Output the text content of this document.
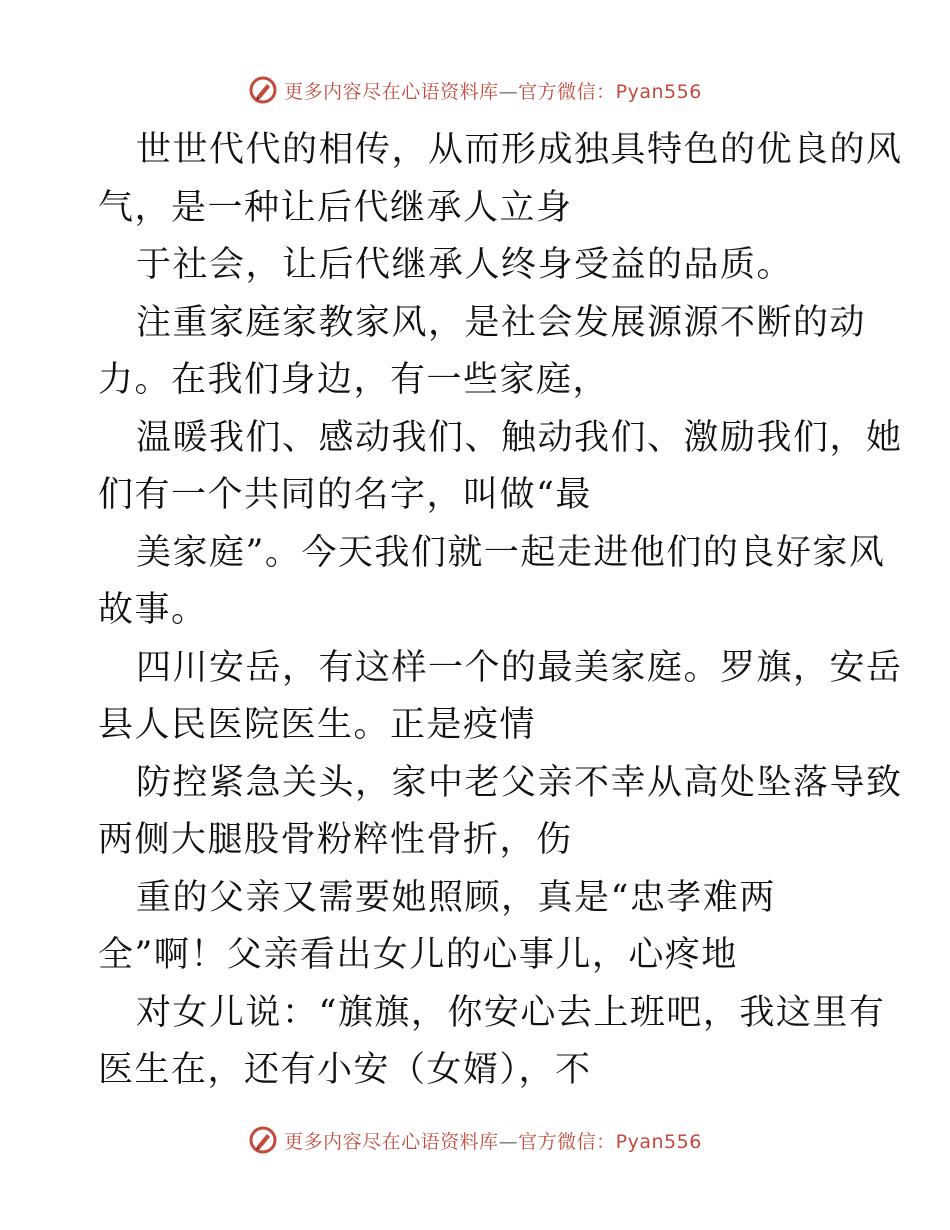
更多内容尽在心语资料库—官方微信：Pyan556
世世代代的相传，从而形成独具特色的优良的风
气，是一种让后代继承人立身
于社会，让后代继承人终身受益的品质。
注重家庭家教家风，是社会发展源源不断的动
力。在我们身边，有一些家庭，
温暖我们、感动我们、触动我们、激励我们，她
们有一个共同的名字，叫做“最
美家庭”。今天我们就一起走进他们的良好家风
故事。
四川安岳，有这样一个的最美家庭。罗旗，安岳
县人民医院医生。正是疫情
防控紧急关头，家中老父亲不幸从高处坠落导致
两侧大腿股骨粉粹性骨折，伤
重的父亲又需要她照顾，真是“忠孝难两
全”啊！父亲看出女儿的心事儿，心疼地
对女儿说：“旗旗，你安心去上班吧，我这里有
医生在，还有小安（女婿），不
更多内容尽在心语资料库—官方微信：Pyan556
